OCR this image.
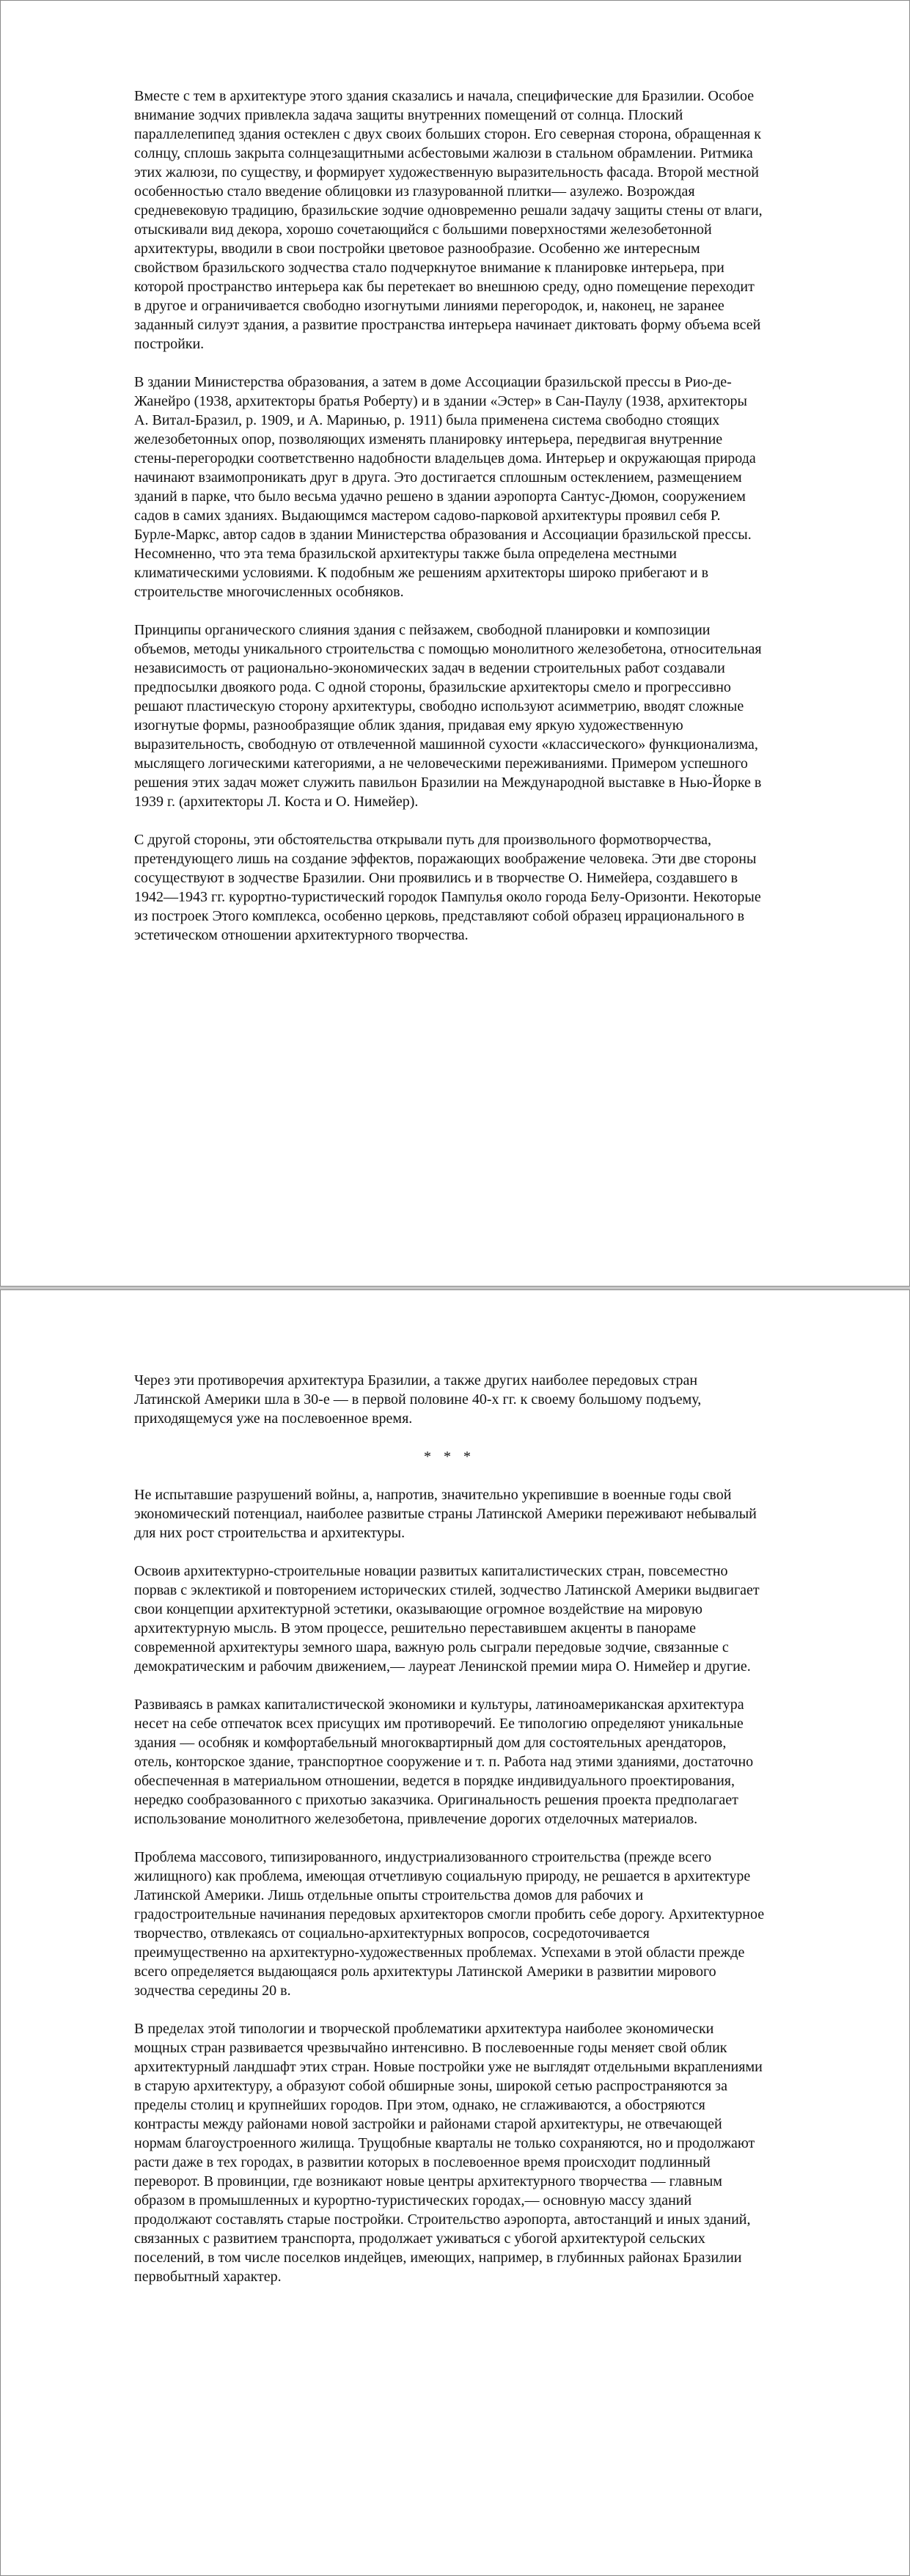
Вместе с тем в архитектуре этого здания сказались и начала, специфические для Бразилии. Особое внимание зодчих привлекла задача защиты внутренних помещений от солнца. Плоский параллелепипед здания остеклен с двух своих больших сторон. Его северная сторона, обращенная к солнцу, сплошь закрыта солнцезащитными асбестовыми жалюзи в стальном обрамлении. Ритмика этих жалюзи, по существу, и формирует художественную выразительность фасада. Второй местной особенностью стало введение облицовки из глазурованной плитки— азулежо. Возрождая средневековую традицию, бразильские зодчие одновременно решали задачу защиты стены от влаги, отыскивали вид декора, хорошо сочетающийся с большими поверхностями железобетонной архитектуры, вводили в свои постройки цветовое разнообразие. Особенно же интересным свойством бразильского зодчества стало подчеркнутое внимание к планировке интерьера, при которой пространство интерьера как бы перетекает во внешнюю среду, одно помещение переходит в другое и ограничивается свободно изогнутыми линиями перегородок, и, наконец, не заранее заданный силуэт здания, а развитие пространства интерьера начинает диктовать форму объема всей постройки.

В здании Министерства образования, а затем в доме Ассоциации бразильской прессы в Рио-де-Жанейро (1938, архитекторы братья Роберту) и в здании «Эстер» в Сан-Паулу (1938, архитекторы А. Витал-Бразил, р. 1909, и А. Маринью, р. 1911) была применена система свободно стоящих железобетонных опор, позволяющих изменять планировку интерьера, передвигая внутренние стены-перегородки соответственно надобности владельцев дома. Интерьер и окружающая природа начинают взаимопроникать друг в друга. Это достигается сплошным остеклением, размещением зданий в парке, что было весьма удачно решено в здании аэропорта Сантус-Дюмон, сооружением садов в самих зданиях. Выдающимся мастером садово-парковой архитектуры проявил себя Р. Бурле-Маркс, автор садов в здании Министерства образования и Ассоциации бразильской прессы. Несомненно, что эта тема бразильской архитектуры также была определена местными климатическими условиями. К подобным же решениям архитекторы широко прибегают и в строительстве многочисленных особняков.

Принципы органического слияния здания с пейзажем, свободной планировки и композиции объемов, методы уникального строительства с помощью монолитного железобетона, относительная независимость от рационально-экономических задач в ведении строительных работ создавали предпосылки двоякого рода. С одной стороны, бразильские архитекторы смело и прогрессивно решают пластическую сторону архитектуры, свободно используют асимметрию, вводят сложные изогнутые формы, разнообразящие облик здания, придавая ему яркую художественную выразительность, свободную от отвлеченной машинной сухости «классического» функционализма, мыслящего логическими категориями, а не человеческими переживаниями. Примером успешного решения этих задач может служить павильон Бразилии на Международной выставке в Нью-Йорке в 1939 г. (архитекторы Л. Коста и О. Нимейер).

С другой стороны, эти обстоятельства открывали путь для произвольного формотворчества, претендующего лишь на создание эффектов, поражающих воображение человека. Эти две стороны сосуществуют в зодчестве Бразилии. Они проявились и в творчестве О. Нимейера, создавшего в 1942—1943 гг. курортно-туристический городок Пампулья около города Белу-Оризонти. Некоторые из построек Этого комплекса, особенно церковь, представляют собой образец иррационального в эстетическом отношении архитектурного творчества.

Через эти противоречия архитектура Бразилии, а также других наиболее передовых стран Латинской Америки шла в 30-е — в первой половине 40-х гг. к своему большому подъему, приходящемуся уже на послевоенное время.

* * *

Не испытавшие разрушений войны, а, напротив, значительно укрепившие в военные годы свой экономический потенциал, наиболее развитые страны Латинской Америки переживают небывалый для них рост строительства и архитектуры.

Освоив архитектурно-строительные новации развитых капиталистических стран, повсеместно порвав с эклектикой и повторением исторических стилей, зодчество Латинской Америки выдвигает свои концепции архитектурной эстетики, оказывающие огромное воздействие на мировую архитектурную мысль. В этом процессе, решительно переставившем акценты в панораме современной архитектуры земного шара, важную роль сыграли передовые зодчие, связанные с демократическим и рабочим движением,— лауреат Ленинской премии мира О. Нимейер и другие.

Развиваясь в рамках капиталистической экономики и культуры, латиноамериканская архитектура несет на себе отпечаток всех присущих им противоречий. Ее типологию определяют уникальные здания — особняк и комфортабельный многоквартирный дом для состоятельных арендаторов, отель, конторское здание, транспортное сооружение и т. п. Работа над этими зданиями, достаточно обеспеченная в материальном отношении, ведется в порядке индивидуального проектирования, нередко сообразованного с прихотью заказчика. Оригинальность решения проекта предполагает использование монолитного железобетона, привлечение дорогих отделочных материалов.

Проблема массового, типизированного, индустриализованного строительства (прежде всего жилищного) как проблема, имеющая отчетливую социальную природу, не решается в архитектуре Латинской Америки. Лишь отдельные опыты строительства домов для рабочих и градостроительные начинания передовых архитекторов смогли пробить себе дорогу. Архитектурное творчество, отвлекаясь от социально-архитектурных вопросов, сосредоточивается преимущественно на архитектурно-художественных проблемах. Успехами в этой области прежде всего определяется выдающаяся роль архитектуры Латинской Америки в развитии мирового зодчества середины 20 в.

В пределах этой типологии и творческой проблематики архитектура наиболее экономически мощных стран развивается чрезвычайно интенсивно. В послевоенные годы меняет свой облик архитектурный ландшафт этих стран. Новые постройки уже не выглядят отдельными вкраплениями в старую архитектуру, а образуют собой обширные зоны, широкой сетью распространяются за пределы столиц и крупнейших городов. При этом, однако, не сглаживаются, а обостряются контрасты между районами новой застройки и районами старой архитектуры, не отвечающей нормам благоустроенного жилища. Трущобные кварталы не только сохраняются, но и продолжают расти даже в тех городах, в развитии которых в послевоенное время происходит подлинный переворот. В провинции, где возникают новые центры архитектурного творчества — главным образом в промышленных и курортно-туристических городах,— основную массу зданий продолжают составлять старые постройки. Строительство аэропорта, автостанций и иных зданий, связанных с развитием транспорта, продолжает уживаться с убогой архитектурой сельских поселений, в том числе поселков индейцев, имеющих, например, в глубинных районах Бразилии первобытный характер.
